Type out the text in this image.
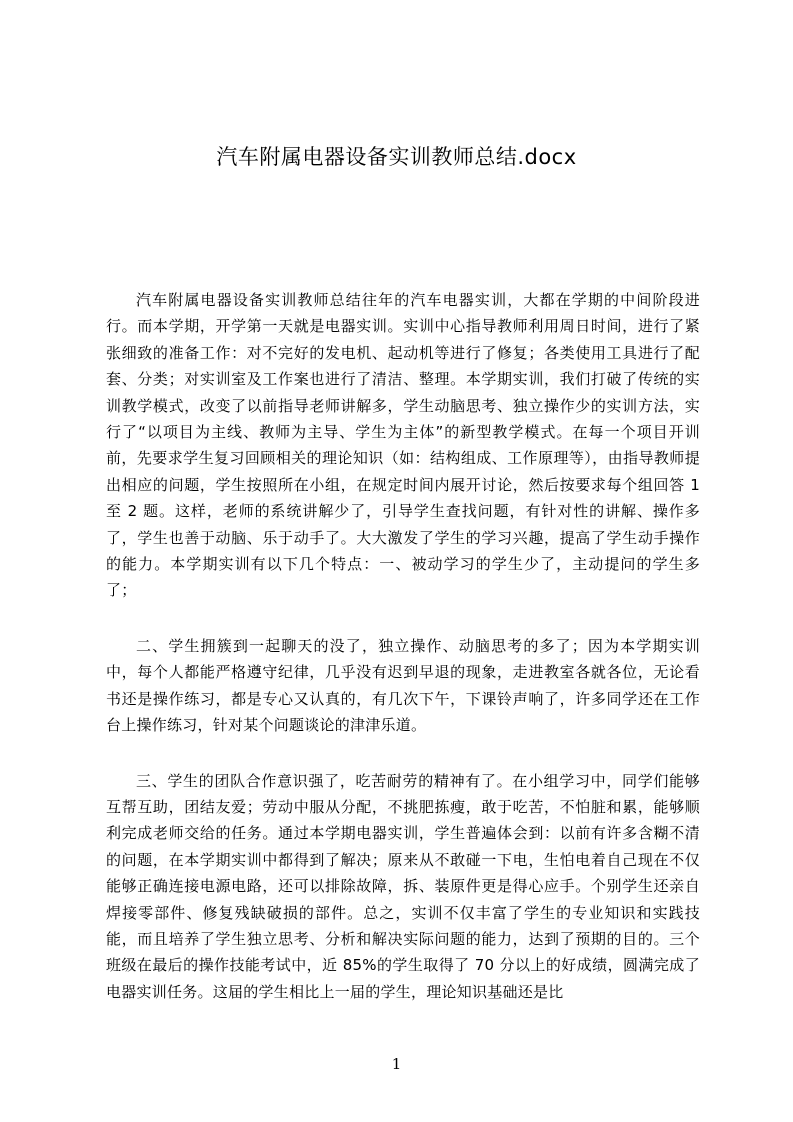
汽车附属电器设备实训教师总结.docx

汽车附属电器设备实训教师总结往年的汽车电器实训，大都在学期的中间阶段进行。而本学期，开学第一天就是电器实训。实训中心指导教师利用周日时间，进行了紧张细致的准备工作：对不完好的发电机、起动机等进行了修复；各类使用工具进行了配套、分类；对实训室及工作案也进行了清洁、整理。本学期实训，我们打破了传统的实训教学模式，改变了以前指导老师讲解多，学生动脑思考、独立操作少的实训方法，实行了“以项目为主线、教师为主导、学生为主体”的新型教学模式。在每一个项目开训前，先要求学生复习回顾相关的理论知识（如：结构组成、工作原理等），由指导教师提出相应的问题，学生按照所在小组，在规定时间内展开讨论，然后按要求每个组回答 1 至 2 题。这样，老师的系统讲解少了，引导学生查找问题，有针对性的讲解、操作多了，学生也善于动脑、乐于动手了。大大激发了学生的学习兴趣，提高了学生动手操作的能力。本学期实训有以下几个特点：一、被动学习的学生少了，主动提问的学生多了；

二、学生拥簇到一起聊天的没了，独立操作、动脑思考的多了；因为本学期实训中，每个人都能严格遵守纪律，几乎没有迟到早退的现象，走进教室各就各位，无论看书还是操作练习，都是专心又认真的，有几次下午，下课铃声响了，许多同学还在工作台上操作练习，针对某个问题谈论的津津乐道。

三、学生的团队合作意识强了，吃苦耐劳的精神有了。在小组学习中，同学们能够互帮互助，团结友爱；劳动中服从分配，不挑肥拣瘦，敢于吃苦，不怕脏和累，能够顺利完成老师交给的任务。通过本学期电器实训，学生普遍体会到：以前有许多含糊不清的问题，在本学期实训中都得到了解决；原来从不敢碰一下电，生怕电着自己现在不仅能够正确连接电源电路，还可以排除故障，拆、装原件更是得心应手。个别学生还亲自焊接零部件、修复残缺破损的部件。总之，实训不仅丰富了学生的专业知识和实践技能，而且培养了学生独立思考、分析和解决实际问题的能力，达到了预期的目的。三个班级在最后的操作技能考试中，近 85%的学生取得了 70 分以上的好成绩，圆满完成了电器实训任务。这届的学生相比上一届的学生，理论知识基础还是比

1
